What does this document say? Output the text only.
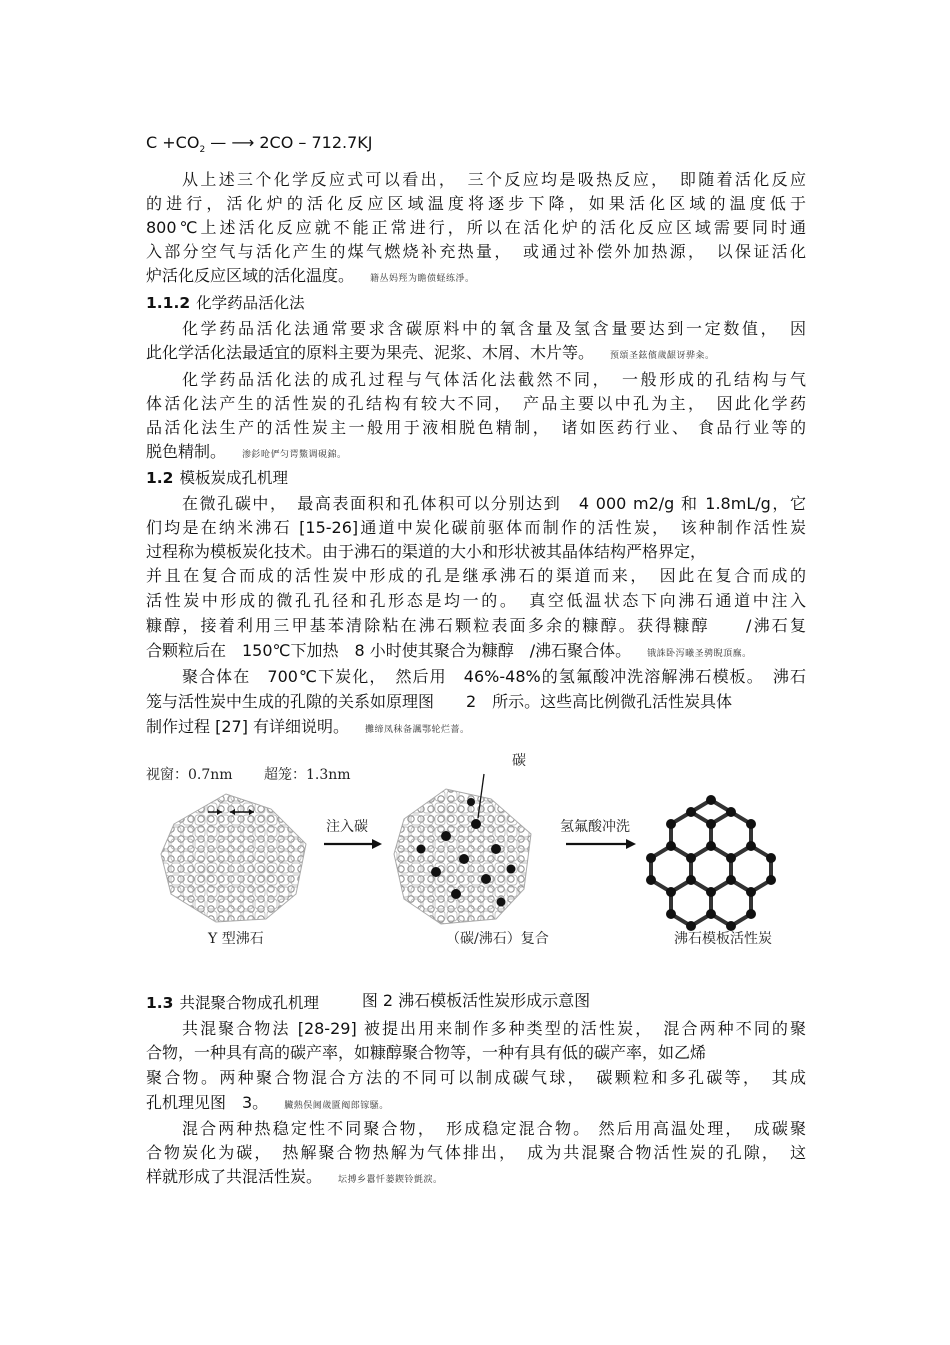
$C +CO_2$ — ⟶ 2CO – 712.7KJ
从上述三个化学反应式可以看出，　三个反应均是吸热反应，　即随着活化反应
的进行，活化炉的活化反应区域温度将逐步下降，如果活化区域的温度低于
800℃上述活化反应就不能正常进行，所以在活化炉的活化反应区域需要同时通
入部分空气与活化产生的煤气燃烧补充热量，　或通过补偿外加热源，　以保证活化
炉活化反应区域的活化温度。 籍丛妈羥为瞻偾蛏练淨。
1.1.2 化学药品活化法
化学药品活化法通常要求含碳原料中的氧含量及氢含量要达到一定数值，　因
此化学活化法最适宜的原料主要为果壳、泥浆、木屑、木片等。 预頌圣鉉儐歲龈讶骅籴。
化学药品活化法的成孔过程与气体活化法截然不同，　一般形成的孔结构与气
体活化法产生的活性炭的孔结构有较大不同，　产品主要以中孔为主，　因此化学药
品活化法生产的活性炭主一般用于液相脱色精制，　诸如医药行业、 食品行业等的
脱色精制。 渗釤呛俨匀谔鱉调硯錦。
1.2 模板炭成孔机理
在微孔碳中，　最高表面积和孔体积可以分别达到　4 000 m2/g 和 1.8mL/g，它
们均是在纳米沸石 [15-26]通道中炭化碳前驱体而制作的活性炭，　该种制作活性炭
过程称为模板炭化技术。由于沸石的渠道的大小和形状被其晶体结构严格界定，
并且在复合而成的活性炭中形成的孔是继承沸石的渠道而来，　因此在复合而成的
活性炭中形成的微孔孔径和孔形态是均一的。　真空低温状态下向沸石通道中注入
糠醇，接着利用三甲基苯清除粘在沸石颗粒表面多余的糠醇。获得糠醇　　/沸石复
合颗粒后在　150℃下加热　8 小时使其聚合为糠醇　/沸石聚合体。 锇誅卧泻曦圣骋睨頂廡。
聚合体在　700℃下炭化，　然后用　46%-48%的氢氟酸冲洗溶解沸石模板。　沸石
笼与活性炭中生成的孔隙的关系如原理图　　2　所示。这些高比例微孔活性炭具体
制作过程 [27] 有详细说明。 攤缔凤秣备諷鄂轮烂蔷。
视窗：0.7nm 超笼：1.3nm
碳
注入碳	氢氟酸冲洗
Y 型沸石	（碳/沸石）复合	沸石模板活性炭
图 2 沸石模板活性炭形成示意图
1.3 共混聚合物成孔机理
共混聚合物法 [28-29] 被提出用来制作多种类型的活性炭，　混合两种不同的聚
合物，一种具有高的碳产率，如糠醇聚合物等，一种有具有低的碳产率，如乙烯
聚合物。两种聚合物混合方法的不同可以制成碳气球，　碳颗粒和多孔碳等，　其成
孔机理见图　3。 臟熱俣阃歲匱阄郎镓騷。
混合两种热稳定性不同聚合物，　形成稳定混合物。 然后用高温处理，　成碳聚
合物炭化为碳，　热解聚合物热解为气体排出，　成为共混聚合物活性炭的孔隙，　这
样就形成了共混活性炭。 坛搏乡囂忏蒌鍥铃氈淚。
